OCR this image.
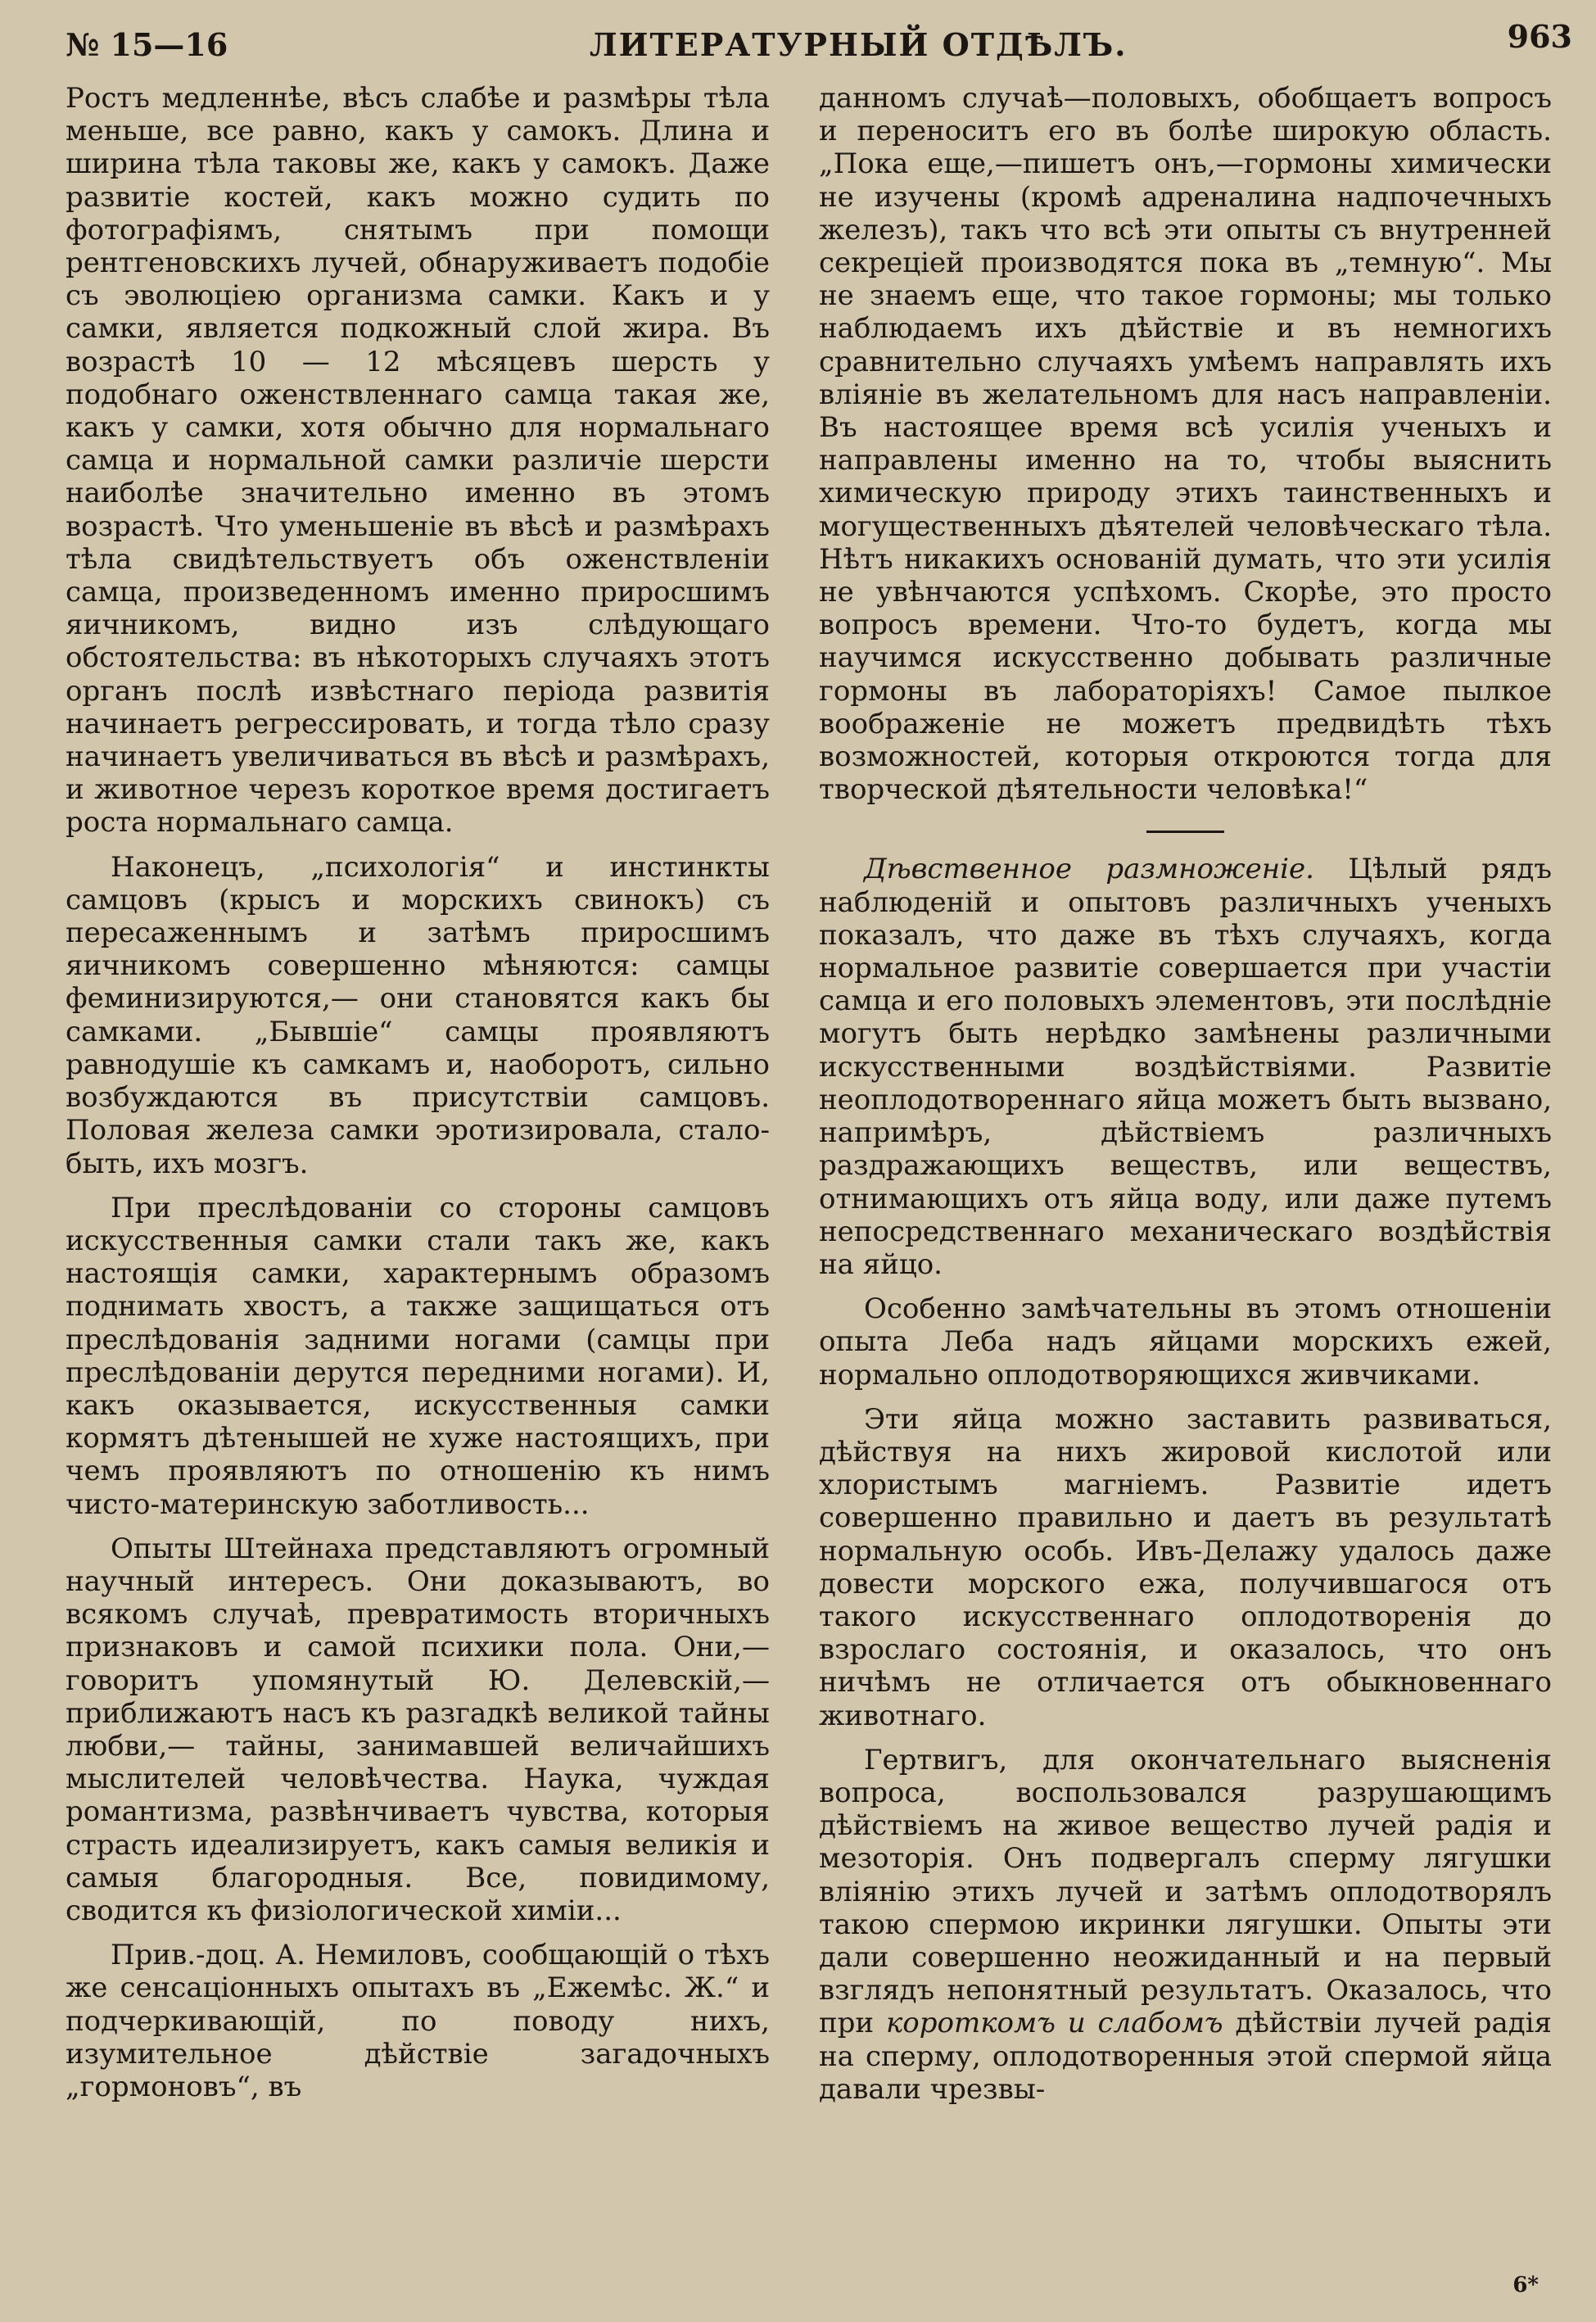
№ 15—16	ЛИТЕРАТУРНЫЙ ОТДѢЛЪ.	963

Ростъ медленнѣе, вѣсъ слабѣе и размѣры тѣла меньше, все равно, какъ у самокъ. Длина и ширина тѣла таковы же, какъ у самокъ. Даже развитіе костей, какъ можно судить по фотографіямъ, снятымъ при помощи рентгеновскихъ лучей, обнаруживаетъ подобіе съ эволюціею организма самки. Какъ и у самки, является подкожный слой жира. Въ возрастѣ 10 — 12 мѣсяцевъ шерсть у подобнаго оженствленнаго самца такая же, какъ у самки, хотя обычно для нормальнаго самца и нормальной самки различіе шерсти наиболѣе значительно именно въ этомъ возрастѣ. Что уменьшеніе въ вѣсѣ и размѣрахъ тѣла свидѣтельствуетъ объ оженствленіи самца, произведенномъ именно приросшимъ яичникомъ, видно изъ слѣдующаго обстоятельства: въ нѣкоторыхъ случаяхъ этотъ органъ послѣ извѣстнаго періода развитія начинаетъ регрессировать, и тогда тѣло сразу начинаетъ увеличиваться въ вѣсѣ и размѣрахъ, и животное черезъ короткое время достигаетъ роста нормальнаго самца.

Наконецъ, „психологія“ и инстинкты самцовъ (крысъ и морскихъ свинокъ) съ пересаженнымъ и затѣмъ приросшимъ яичникомъ совершенно мѣняются: самцы феминизируются,— они становятся какъ бы самками. „Бывшіе“ самцы проявляютъ равнодушіе къ самкамъ и, наоборотъ, сильно возбуждаются въ присутствіи самцовъ. Половая железа самки эротизировала, стало-быть, ихъ мозгъ.

При преслѣдованіи со стороны самцовъ искусственныя самки стали такъ же, какъ настоящія самки, характернымъ образомъ поднимать хвостъ, а также защищаться отъ преслѣдованія задними ногами (самцы при преслѣдованіи дерутся передними ногами). И, какъ оказывается, искусственныя самки кормятъ дѣтенышей не хуже настоящихъ, при чемъ проявляютъ по отношенію къ нимъ чисто-материнскую заботливость...

Опыты Штейнаха представляютъ огромный научный интересъ. Они доказываютъ, во всякомъ случаѣ, превратимость вторичныхъ признаковъ и самой психики пола. Они,—говоритъ упомянутый Ю. Делевскій,—приближаютъ насъ къ разгадкѣ великой тайны любви,— тайны, занимавшей величайшихъ мыслителей человѣчества. Наука, чуждая романтизма, развѣнчиваетъ чувства, которыя страсть идеализируетъ, какъ самыя великія и самыя благородныя. Все, повидимому, сводится къ физіологической химіи...

Прив.-доц. А. Немиловъ, сообщающій о тѣхъ же сенсаціонныхъ опытахъ въ „Ежемѣс. Ж.“ и подчеркивающій, по поводу нихъ, изумительное дѣйствіе загадочныхъ „гормоновъ“, въ

данномъ случаѣ—половыхъ, обобщаетъ вопросъ и переноситъ его въ болѣе широкую область. „Пока еще,—пишетъ онъ,—гормоны химически не изучены (кромѣ адреналина надпочечныхъ железъ), такъ что всѣ эти опыты съ внутренней секреціей производятся пока въ „темную“. Мы не знаемъ еще, что такое гормоны; мы только наблюдаемъ ихъ дѣйствіе и въ немногихъ сравнительно случаяхъ умѣемъ направлять ихъ вліяніе въ желательномъ для насъ направленіи. Въ настоящее время всѣ усилія ученыхъ и направлены именно на то, чтобы выяснить химическую природу этихъ таинственныхъ и могущественныхъ дѣятелей человѣческаго тѣла. Нѣтъ никакихъ основаній думать, что эти усилія не увѣнчаются успѣхомъ. Скорѣе, это просто вопросъ времени. Что-то будетъ, когда мы научимся искусственно добывать различные гормоны въ лабораторіяхъ! Самое пылкое воображеніе не можетъ предвидѣть тѣхъ возможностей, которыя откроются тогда для творческой дѣятельности человѣка!“

Дѣвственное размноженіе. Цѣлый рядъ наблюденій и опытовъ различныхъ ученыхъ показалъ, что даже въ тѣхъ случаяхъ, когда нормальное развитіе совершается при участіи самца и его половыхъ элементовъ, эти послѣдніе могутъ быть нерѣдко замѣнены различными искусственными воздѣйствіями. Развитіе неоплодотвореннаго яйца можетъ быть вызвано, напримѣръ, дѣйствіемъ различныхъ раздражающихъ веществъ, или веществъ, отнимающихъ отъ яйца воду, или даже путемъ непосредственнаго механическаго воздѣйствія на яйцо.

Особенно замѣчательны въ этомъ отношеніи опыта Леба надъ яйцами морскихъ ежей, нормально оплодотворяющихся живчиками.

Эти яйца можно заставить развиваться, дѣйствуя на нихъ жировой кислотой или хлористымъ магніемъ. Развитіе идетъ совершенно правильно и даетъ въ результатѣ нормальную особь. Ивъ-Делажу удалось даже довести морского ежа, получившагося отъ такого искусственнаго оплодотворенія до взрослаго состоянія, и оказалось, что онъ ничѣмъ не отличается отъ обыкновеннаго животнаго.

Гертвигъ, для окончательнаго выясненія вопроса, воспользовался разрушающимъ дѣйствіемъ на живое вещество лучей радія и мезоторія. Онъ подвергалъ сперму лягушки вліянію этихъ лучей и затѣмъ оплодотворялъ такою спермою икринки лягушки. Опыты эти дали совершенно неожиданный и на первый взглядъ непонятный результатъ. Оказалось, что при короткомъ и слабомъ дѣйствіи лучей радія на сперму, оплодотворенныя этой спермой яйца давали чрезвы-

6*
